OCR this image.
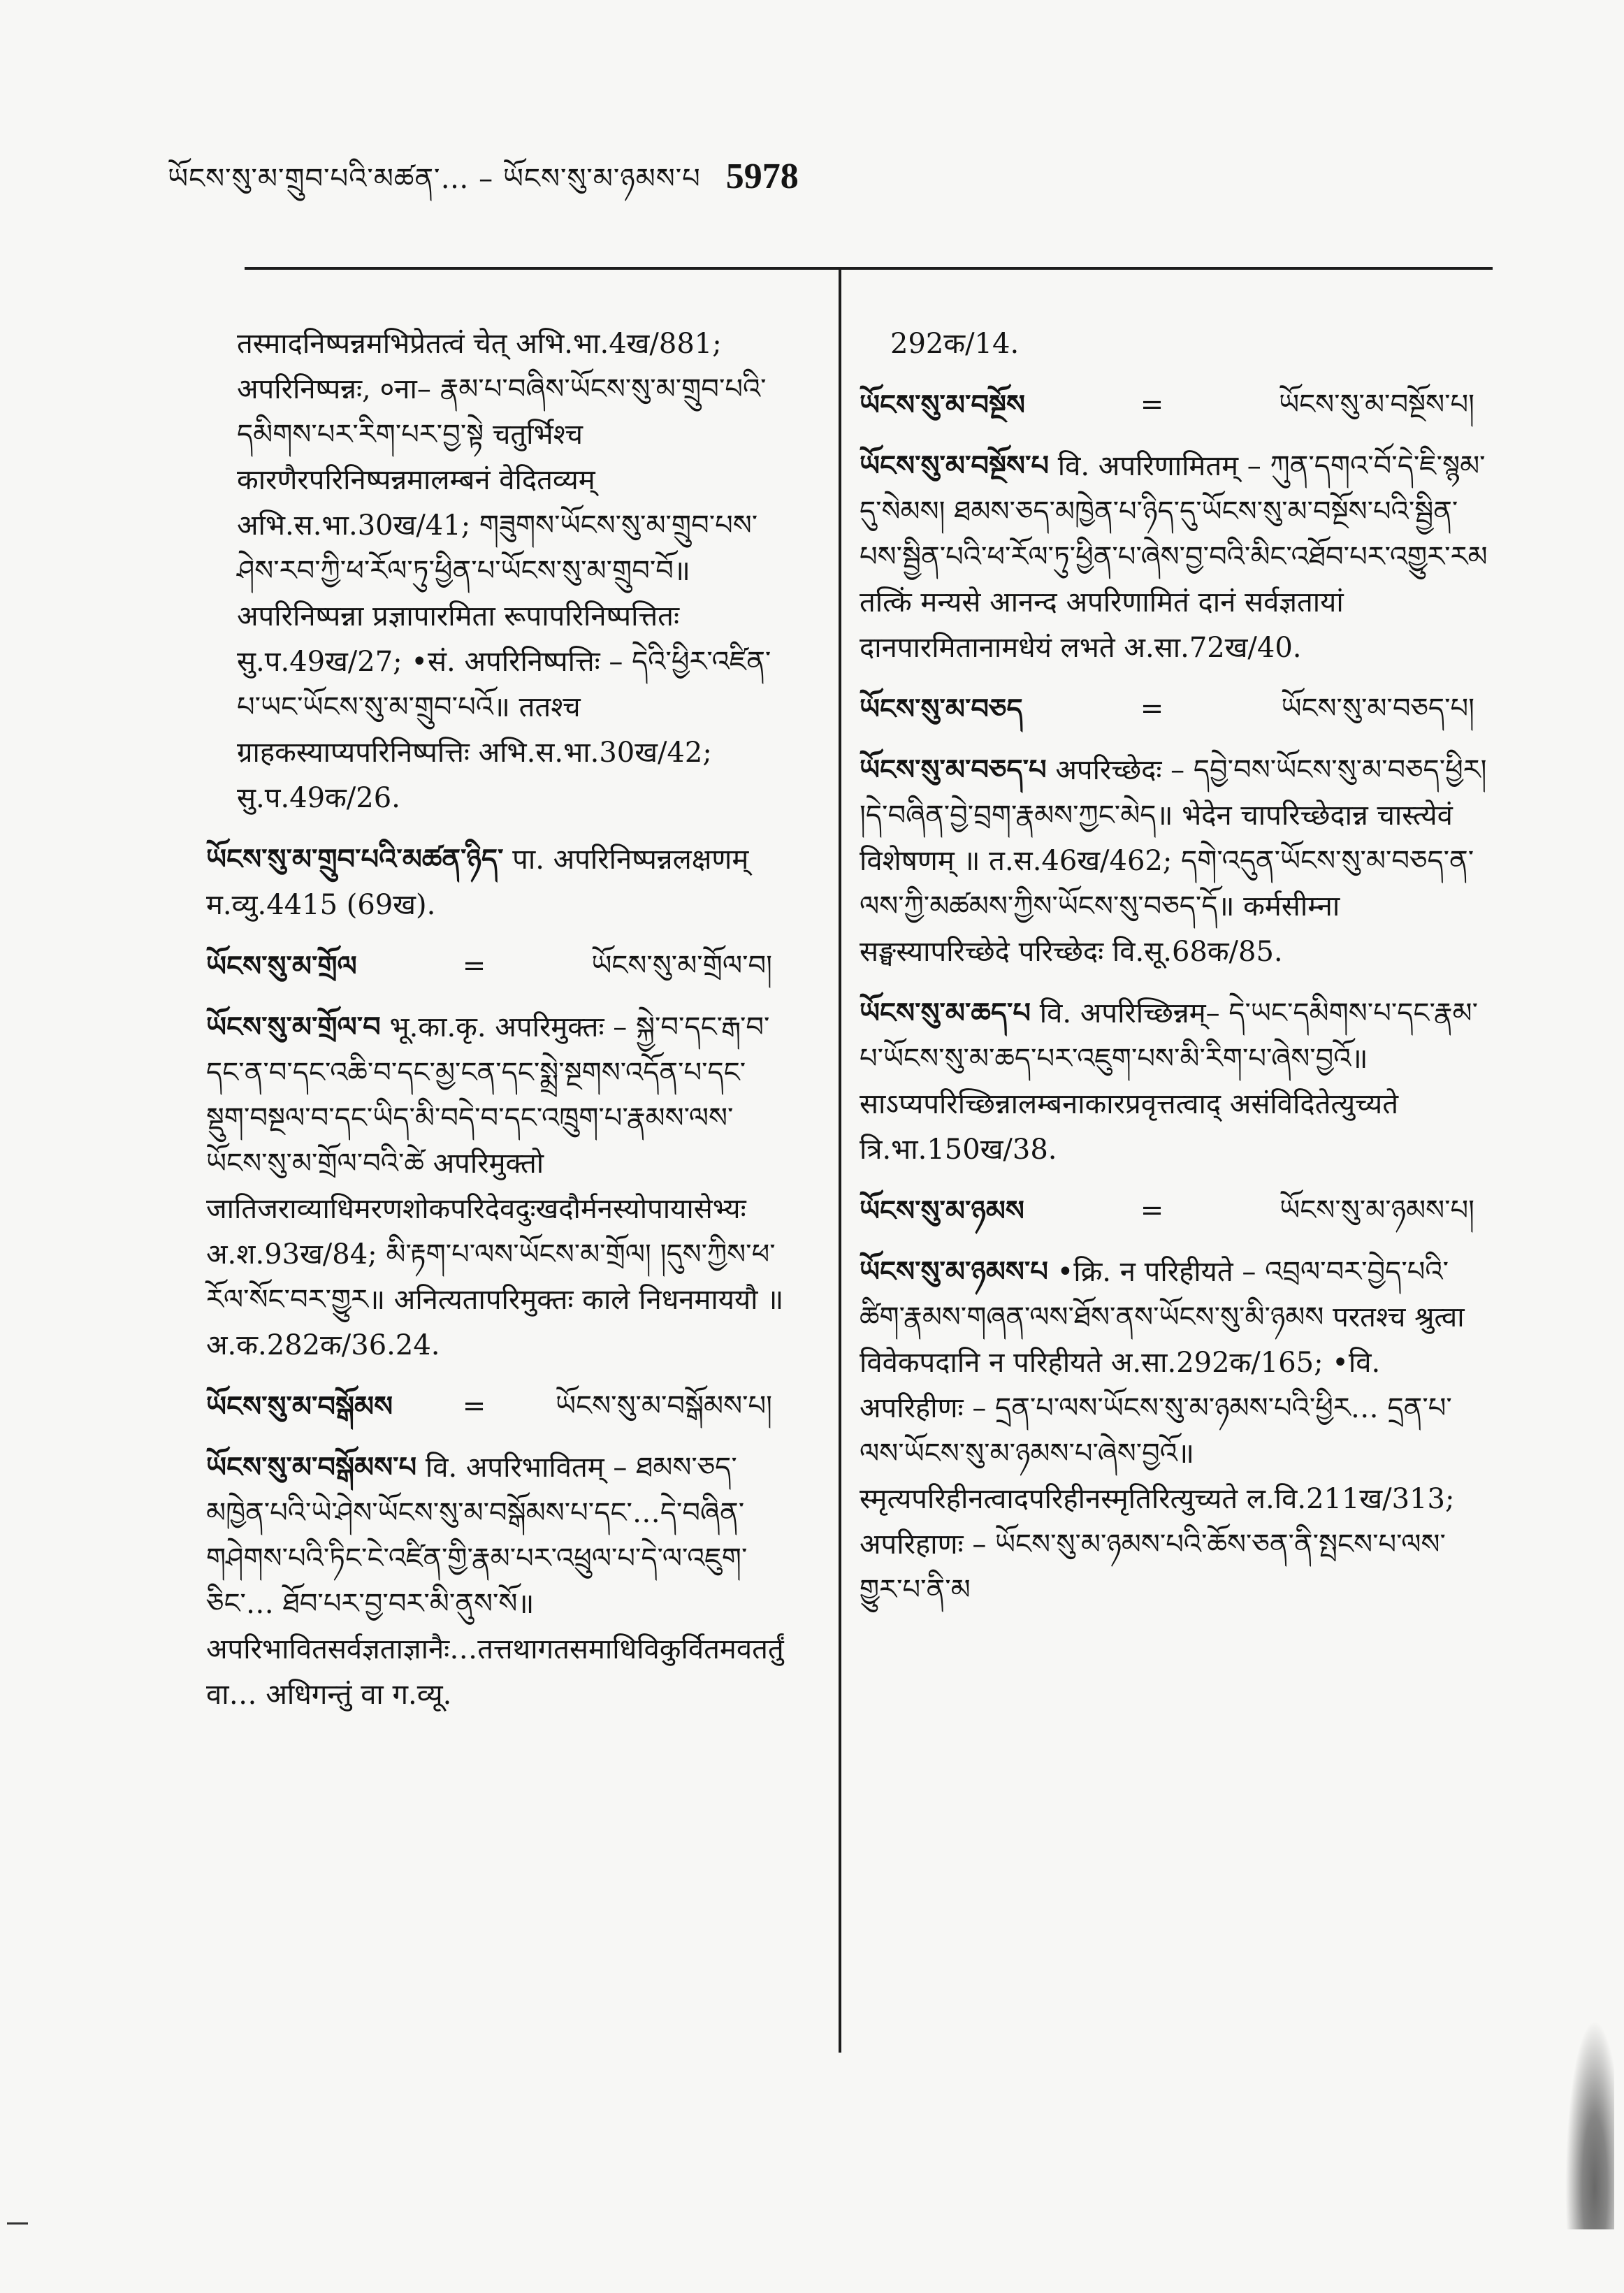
ཡོངས་སུ་མ་གྲུབ་པའི་མཚན་… – ཡོངས་སུ་མ་ཉམས་པ 5978

तस्मादनिष्पन्नमभिप्रेतत्वं चेत् अभि.भा.4ख/881; अपरिनिष्पन्नः, ०ना– རྣམ་པ་བཞིས་ཡོངས་སུ་མ་གྲུབ་པའི་དམིགས་པར་རིག་པར་བྱ་སྟེ चतुर्भिश्च कारणैरपरिनिष्पन्नमालम्बनं वेदितव्यम् अभि.स.भा.30ख/41; གཟུགས་ཡོངས་སུ་མ་གྲུབ་པས་ཤེས་རབ་ཀྱི་ཕ་རོལ་ཏུ་ཕྱིན་པ་ཡོངས་སུ་མ་གྲུབ་བོ॥ अपरिनिष्पन्ना प्रज्ञापारमिता रूपापरिनिष्पत्तितः सु.प.49ख/27; •सं. अपरिनिष्पत्तिः – དེའི་ཕྱིར་འཛིན་པ་ཡང་ཡོངས་སུ་མ་གྲུབ་པའོ॥ ततश्च ग्राहकस्याप्यपरिनिष्पत्तिः अभि.स.भा.30ख/42; सु.प.49क/26.

ཡོངས་སུ་མ་གྲུབ་པའི་མཚན་ཉིད་ पा. अपरिनिष्पन्नलक्षणम् म.व्यु.4415 (69ख).

ཡོངས་སུ་མ་གྲོལ	=	ཡོངས་སུ་མ་གྲོལ་བ།

ཡོངས་སུ་མ་གྲོལ་བ भू.का.कृ. अपरिमुक्तः – སྐྱེ་བ་དང་རྒ་བ་དང་ན་བ་དང་འཆི་བ་དང་མྱ་ངན་དང་སྨྲེ་སྔགས་འདོན་པ་དང་སྡུག་བསྔལ་བ་དང་ཡིད་མི་བདེ་བ་དང་འཁྲུག་པ་རྣམས་ལས་ཡོངས་སུ་མ་གྲོལ་བའི་ཚེ अपरिमुक्तो जातिजराव्याधिमरणशोकपरिदेवदुःखदौर्मनस्योपायासेभ्यः अ.श.93ख/84; མི་རྟག་པ་ལས་ཡོངས་མ་གྲོལ། །དུས་ཀྱིས་ཕ་རོལ་སོང་བར་གྱུར॥ अनित्यतापरिमुक्तः काले निधनमाययौ ॥ अ.क.282क/36.24.

ཡོངས་སུ་མ་བསྒོམས	=	ཡོངས་སུ་མ་བསྒོམས་པ།

ཡོངས་སུ་མ་བསྒོམས་པ वि. अपरिभावितम् – ཐམས་ཅད་མཁྱེན་པའི་ཡེ་ཤེས་ཡོངས་སུ་མ་བསྒོམས་པ་དང་…དེ་བཞིན་གཤེགས་པའི་ཏིང་ངེ་འཛིན་གྱི་རྣམ་པར་འཕྲུལ་པ་དེ་ལ་འཇུག་ཅིང་… ཐོབ་པར་བྱ་བར་མི་ནུས་སོ॥ अपरिभावितसर्वज्ञताज्ञानैः…तत्तथागतसमाधिविकुर्वितमवतर्तुं वा… अधिगन्तुं वा ग.व्यू.

292क/14.

ཡོངས་སུ་མ་བསྔོས	=	ཡོངས་སུ་མ་བསྔོས་པ།

ཡོངས་སུ་མ་བསྔོས་པ वि. अपरिणामितम् – ཀུན་དགའ་བོ་དེ་ཇི་སྙམ་དུ་སེམས། ཐམས་ཅད་མཁྱེན་པ་ཉིད་དུ་ཡོངས་སུ་མ་བསྔོས་པའི་སྦྱིན་པས་སྦྱིན་པའི་ཕ་རོལ་ཏུ་ཕྱིན་པ་ཞེས་བྱ་བའི་མིང་འཐོབ་པར་འགྱུར་རམ तत्किं मन्यसे आनन्द अपरिणामितं दानं सर्वज्ञतायां दानपारमितानामधेयं लभते अ.सा.72ख/40.

ཡོངས་སུ་མ་བཅད	=	ཡོངས་སུ་མ་བཅད་པ།

ཡོངས་སུ་མ་བཅད་པ अपरिच्छेदः – དབྱེ་བས་ཡོངས་སུ་མ་བཅད་ཕྱིར། །དེ་བཞིན་བྱེ་བྲག་རྣམས་ཀྱང་མེད॥ भेदेन चापरिच्छेदान्न चास्त्येवं विशेषणम् ॥ त.स.46ख/462; དགེ་འདུན་ཡོངས་སུ་མ་བཅད་ན་ལས་ཀྱི་མཚམས་ཀྱིས་ཡོངས་སུ་བཅད་དོ॥ कर्मसीम्ना सङ्घस्यापरिच्छेदे परिच्छेदः वि.सू.68क/85.

ཡོངས་སུ་མ་ཆད་པ वि. अपरिच्छिन्नम्– དེ་ཡང་དམིགས་པ་དང་རྣམ་པ་ཡོངས་སུ་མ་ཆད་པར་འཇུག་པས་མི་རིག་པ་ཞེས་བྱའོ॥ साऽप्यपरिच्छिन्नालम्बनाकारप्रवृत्तत्वाद् असंविदितेत्युच्यते त्रि.भा.150ख/38.

ཡོངས་སུ་མ་ཉམས	=	ཡོངས་སུ་མ་ཉམས་པ།

ཡོངས་སུ་མ་ཉམས་པ •क्रि. न परिहीयते – འབྲལ་བར་བྱེད་པའི་ཚིག་རྣམས་གཞན་ལས་ཐོས་ནས་ཡོངས་སུ་མི་ཉམས परतश्च श्रुत्वा विवेकपदानि न परिहीयते अ.सा.292क/165; •वि. अपरिहीणः – དྲན་པ་ལས་ཡོངས་སུ་མ་ཉམས་པའི་ཕྱིར… དྲན་པ་ལས་ཡོངས་སུ་མ་ཉམས་པ་ཞེས་བྱའོ॥ स्मृत्यपरिहीनत्वादपरिहीनस्मृतिरित्युच्यते ल.वि.211ख/313; अपरिहाणः – ཡོངས་སུ་མ་ཉམས་པའི་ཆོས་ཅན་ནི་སྤངས་པ་ལས་གྱུར་པ་ནི་མ
